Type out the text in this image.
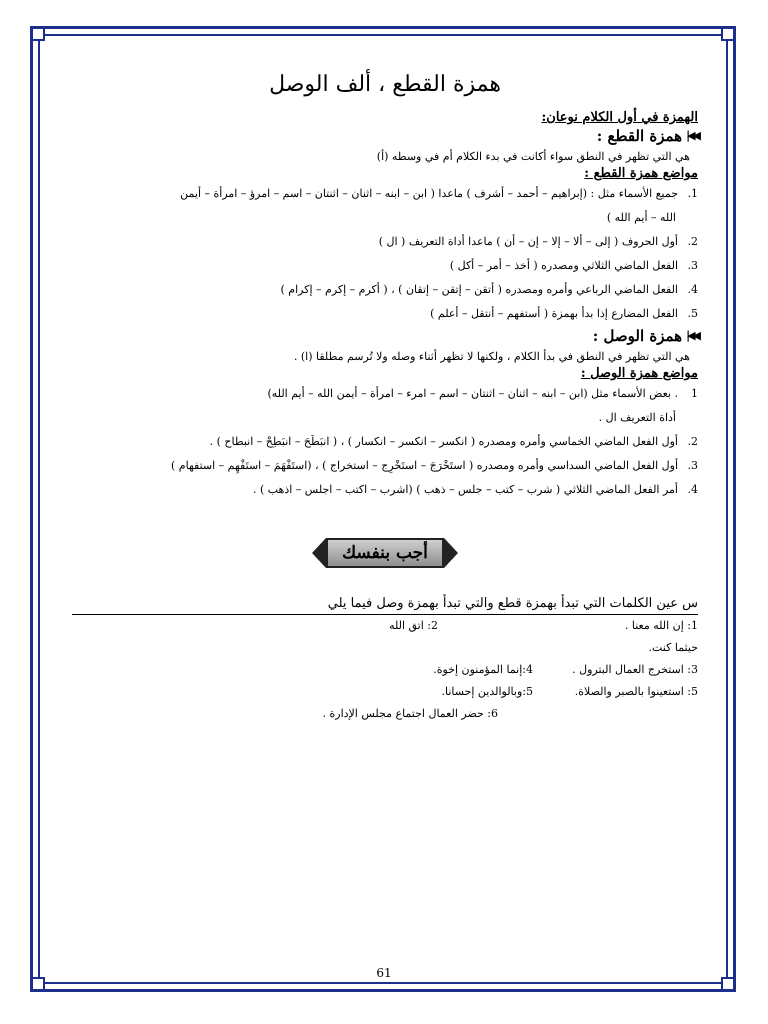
همزة القطع ، ألف الوصل

الهمزة في أول الكلام نوعان:

◀◀|
همزة القطع :

هي التي تظهر في النطق سواء أكانت في بدء الكلام أم في وسطه (أ)

مواضع همزة القطع :

1.
جميع الأسماء مثل : (إبراهيم – أحمد – أشرف ) ماعدا ( ابن – ابنه – اثنان – اثنتان – اسم – امرؤ – امرأة – أيمن
الله – أيم الله )
2.
أول الحروف ( إلى – ألا – إلا – إن – أن ) ماعدا أداة التعريف ( ال )
3.
الفعل الماضي الثلاثي ومصدره ( أخذ – أمر – أكل )
4.
الفعل الماضي الرباعي وأمره ومصدره ( أتقن – إتقن – إتقان ) ، ( أكرم – إكرم – إكرام )
5.
الفعل المضارع إذا بدأ بهمزة ( أستفهم – أنتقل – أعلم )
◀◀|
همزة الوصل :

هي التي تظهر في النطق في بدأ الكلام ، ولكنها لا تظهر أثناء وصله ولا تُرسم مطلقا (ا) .

مواضع همزة الوصل :

1
. بعض الأسماء مثل (ابن – ابنه – اثنان – اثنتان – اسم – امرء – امرأة – أيمن الله – أيم الله)
أداة التعريف ال .
2.
أول الفعل الماضي الخماسي وأمره ومصدره ( انكسر – انكسر – انكسار ) ، ( انبَطَحَ – انبَطِحْ – انبطاح ) .
3.
أول الفعل الماضي السداسي وأمره ومصدره ( استَخْرَجَ – استَخْرِج – استخراج ) ، (استَفْهَمَ – استَفْهِم – استفهام )
4.
أمر الفعل الماضي الثلاثي ( شرب – كتب – جلس – ذهب ) (اشرب – اكتب – اجلس – اذهب ) .
أجب بنفسك

س عين الكلمات التي تبدأ بهمزة قطع والتي تبدأ بهمزة وصل فيما يلي

1: إن الله معنا .
2: اتق الله
حيثما كنت.
3: استخرج العمال البترول .
4:إنما المؤمنون إخوة.
5: استعينوا بالصبر والصلاة.
5:وبالوالدين إحسانا.
6: حضر العمال اجتماع مجلس الإدارة .
61
